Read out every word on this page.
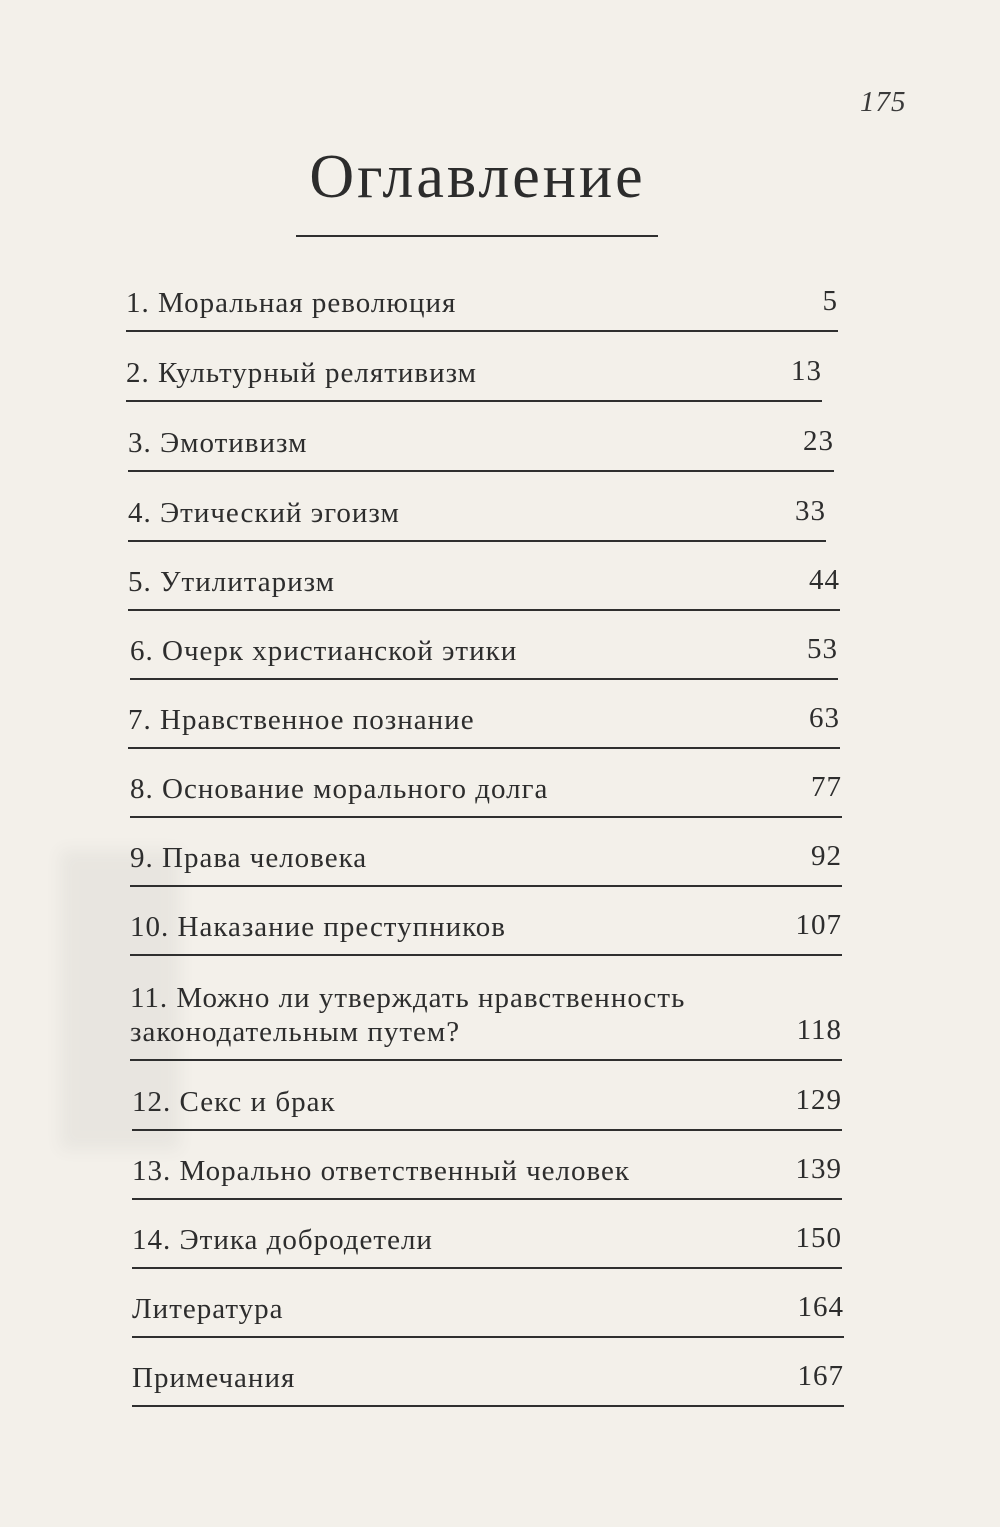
175
Оглавление
1. Моральная революция	5
2. Культурный релятивизм	13
3. Эмотивизм	23
4. Этический эгоизм	33
5. Утилитаризм	44
6. Очерк христианской этики	53
7. Нравственное познание	63
8. Основание морального долга	77
9. Права человека	92
10. Наказание преступников	107
11. Можно ли утверждать нравственность законодательным путем?	118
12. Секс и брак	129
13. Морально ответственный человек	139
14. Этика добродетели	150
Литература	164
Примечания	167
